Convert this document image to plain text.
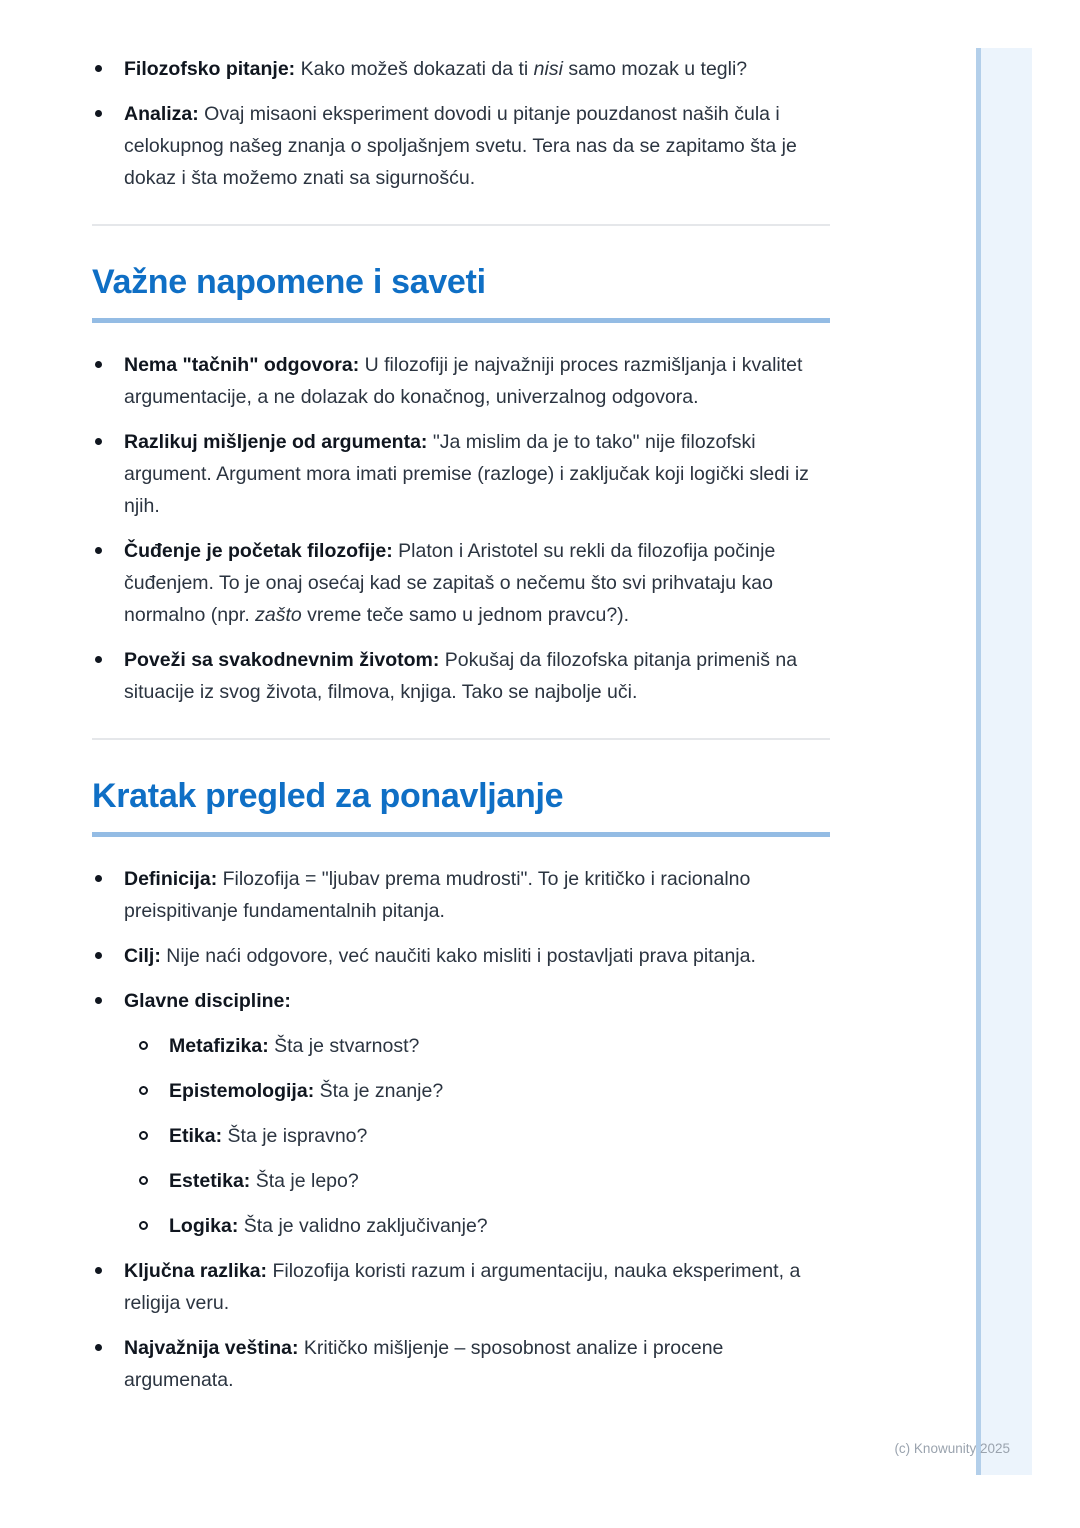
Filozofsko pitanje: Kako možeš dokazati da ti nisi samo mozak u tegli?
Analiza: Ovaj misaoni eksperiment dovodi u pitanje pouzdanost naših čula i celokupnog našeg znanja o spoljašnjem svetu. Tera nas da se zapitamo šta je dokaz i šta možemo znati sa sigurnošću.
Važne napomene i saveti
Nema "tačnih" odgovora: U filozofiji je najvažniji proces razmišljanja i kvalitet argumentacije, a ne dolazak do konačnog, univerzalnog odgovora.
Razlikuj mišljenje od argumenta: "Ja mislim da je to tako" nije filozofski argument. Argument mora imati premise (razloge) i zaključak koji logički sledi iz njih.
Čuđenje je početak filozofije: Platon i Aristotel su rekli da filozofija počinje čuđenjem. To je onaj osećaj kad se zapitaš o nečemu što svi prihvataju kao normalno (npr. zašto vreme teče samo u jednom pravcu?).
Poveži sa svakodnevnim životom: Pokušaj da filozofska pitanja primeniš na situacije iz svog života, filmova, knjiga. Tako se najbolje uči.
Kratak pregled za ponavljanje
Definicija: Filozofija = "ljubav prema mudrosti". To je kritičko i racionalno preispitivanje fundamentalnih pitanja.
Cilj: Nije naći odgovore, već naučiti kako misliti i postavljati prava pitanja.
Glavne discipline:
Metafizika: Šta je stvarnost?
Epistemologija: Šta je znanje?
Etika: Šta je ispravno?
Estetika: Šta je lepo?
Logika: Šta je validno zaključivanje?
Ključna razlika: Filozofija koristi razum i argumentaciju, nauka eksperiment, a religija veru.
Najvažnija veština: Kritičko mišljenje – sposobnost analize i procene argumenata.
(c) Knowunity 2025
